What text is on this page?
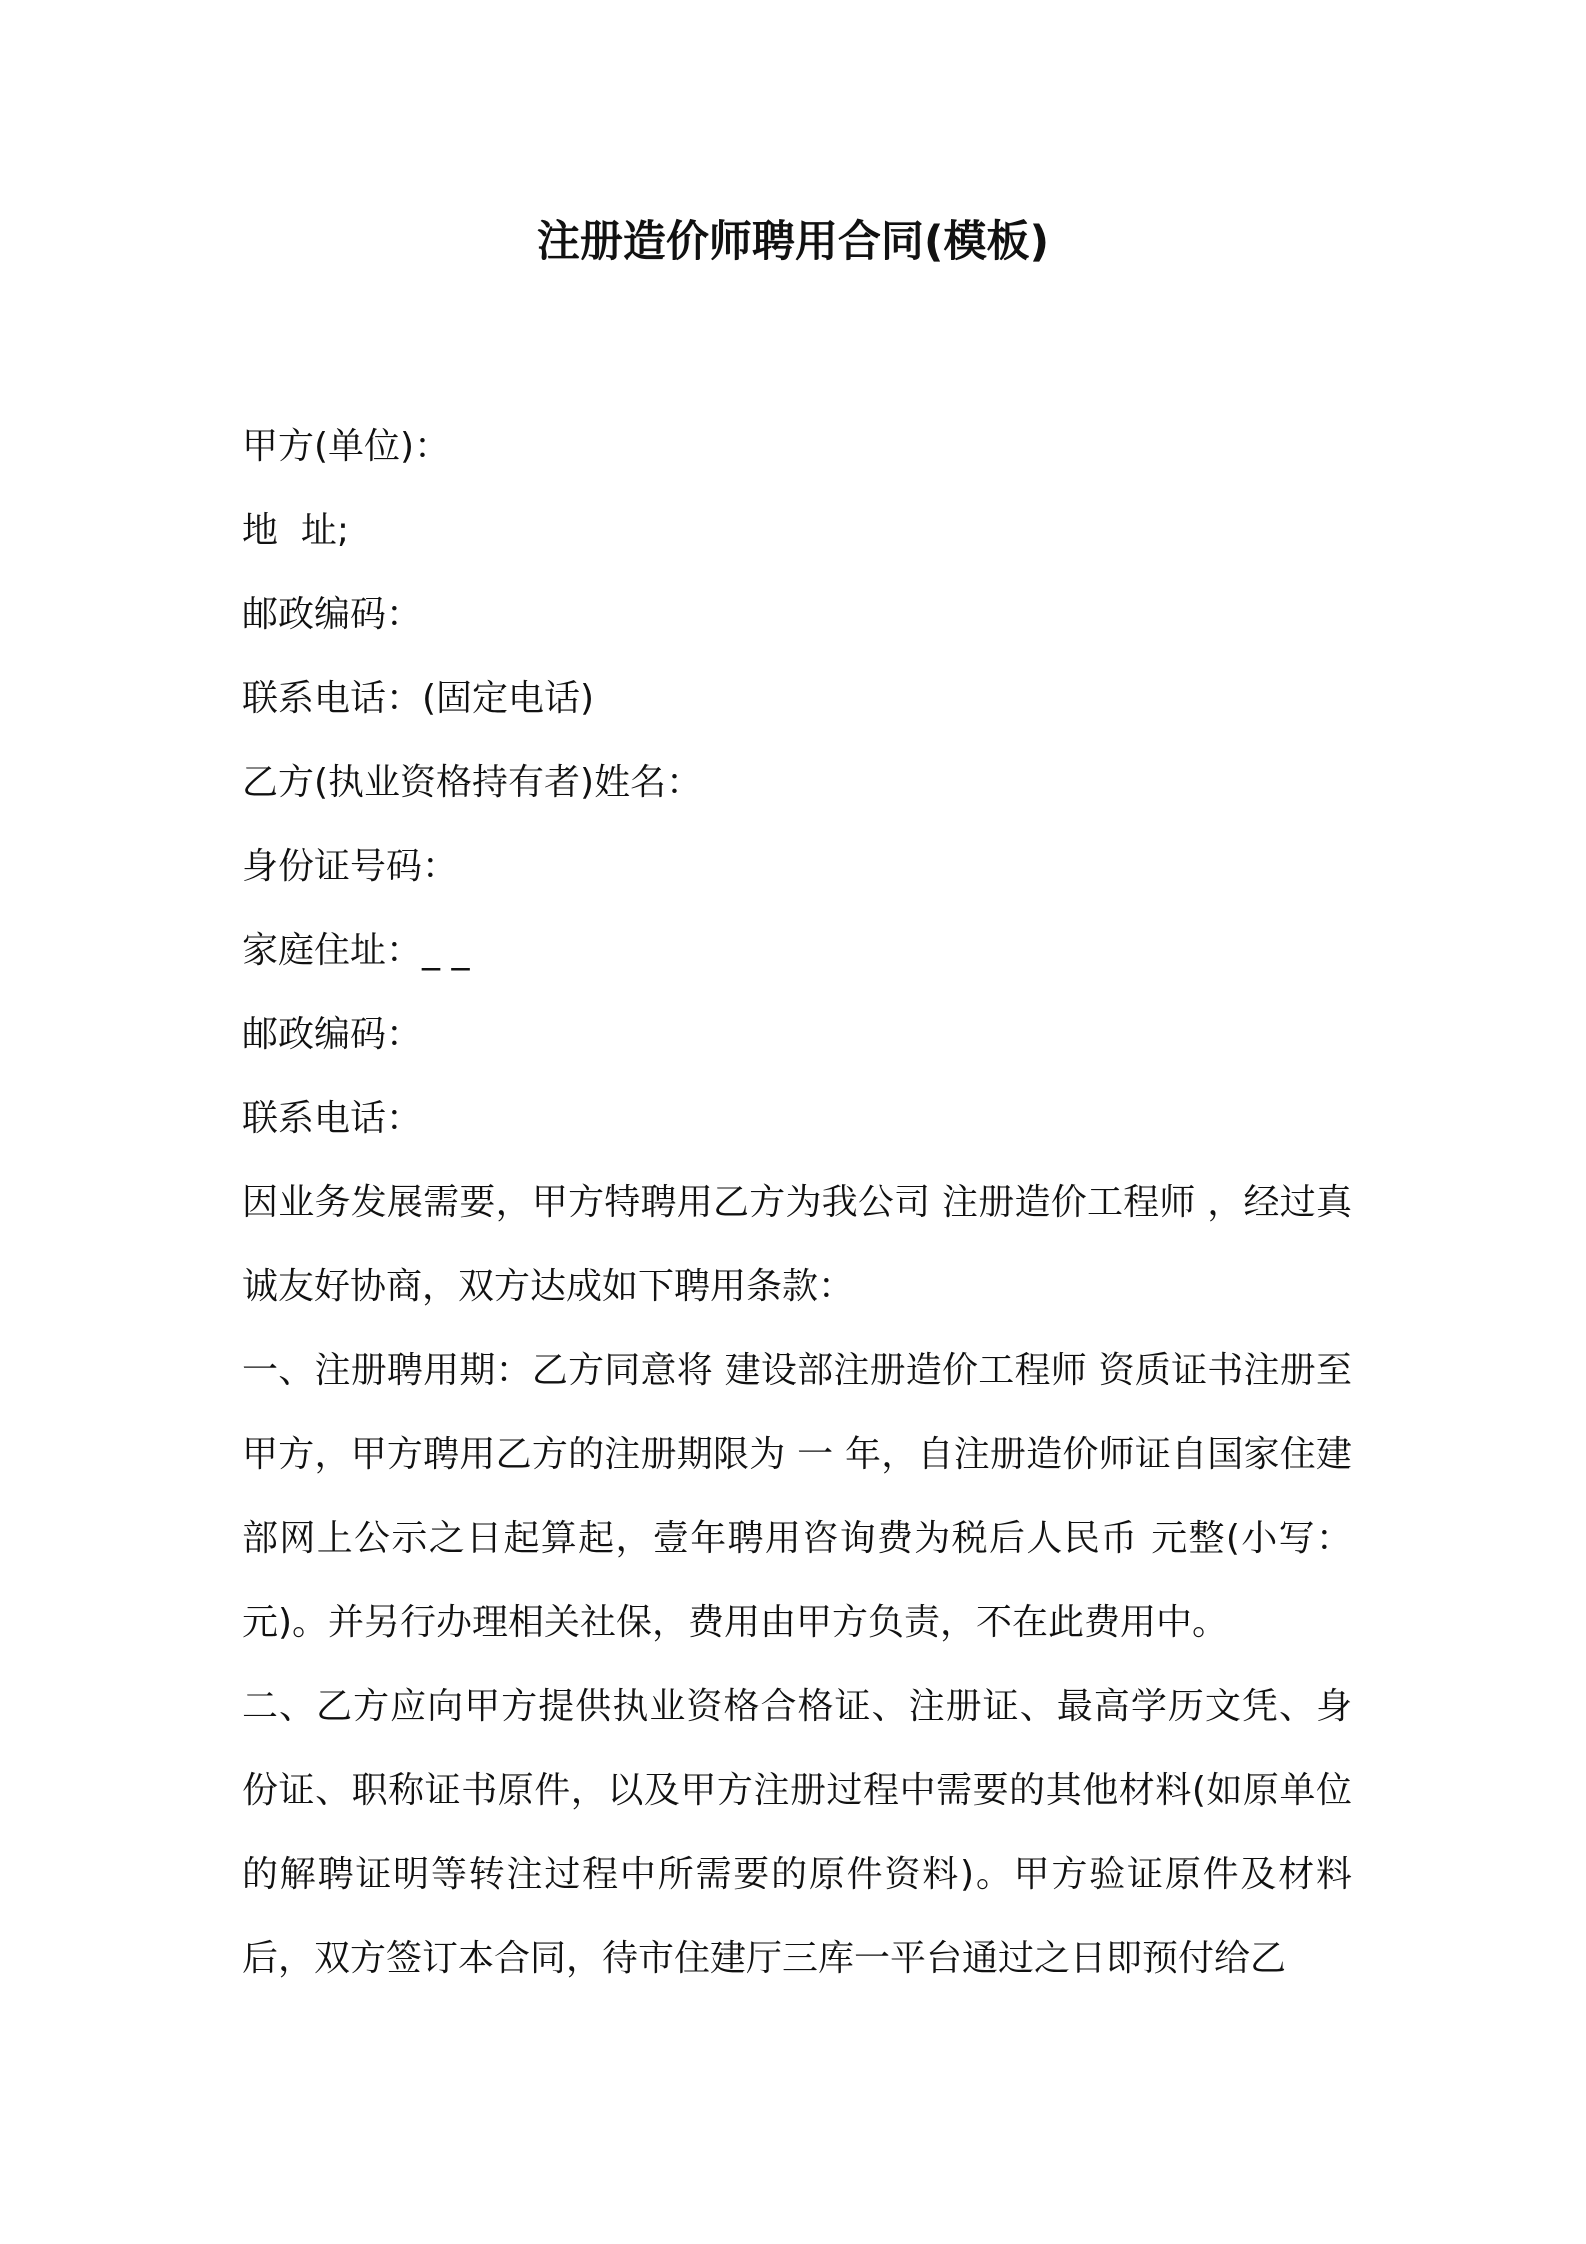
注册造价师聘用合同(模板)

甲方(单位)：

地  址;

邮政编码：

联系电话：(固定电话)

乙方(执业资格持有者)姓名：

身份证号码：

家庭住址：_ _

邮政编码：

联系电话：

因业务发展需要，甲方特聘用乙方为我公司 注册造价工程师 ，经过真诚友好协商，双方达成如下聘用条款：

一、注册聘用期：乙方同意将 建设部注册造价工程师 资质证书注册至甲方，甲方聘用乙方的注册期限为 一 年，自注册造价师证自国家住建部网上公示之日起算起，壹年聘用咨询费为税后人民币 元整(小写： 元)。并另行办理相关社保，费用由甲方负责，不在此费用中。

二、乙方应向甲方提供执业资格合格证、注册证、最高学历文凭、身份证、职称证书原件，以及甲方注册过程中需要的其他材料(如原单位的解聘证明等转注过程中所需要的原件资料)。甲方验证原件及材料后，双方签订本合同，待市住建厅三库一平台通过之日即预付给乙
